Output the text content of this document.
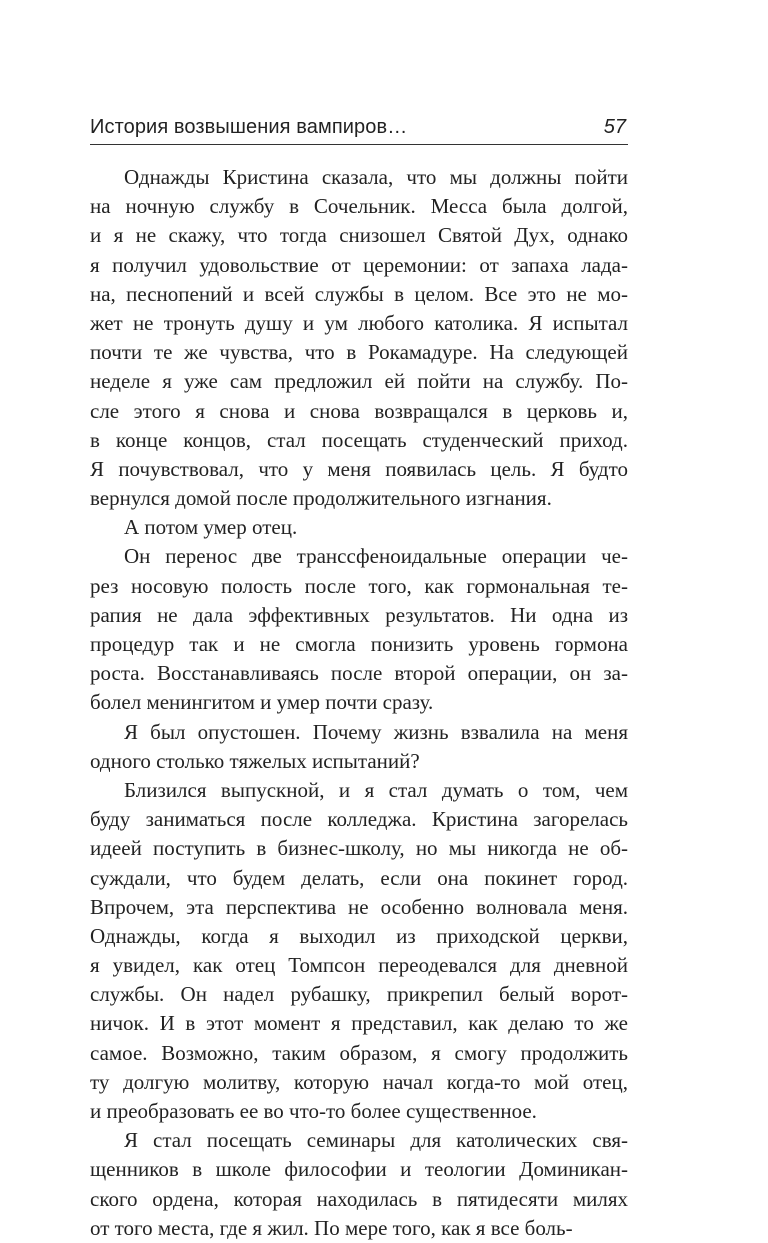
История возвышения вампиров…	57
Однажды Кристина сказала, что мы должны пойти
на ночную службу в Сочельник. Месса была долгой,
и я не скажу, что тогда снизошел Святой Дух, однако
я получил удовольствие от церемонии: от запаха лада-
на, песнопений и всей службы в целом. Все это не мо-
жет не тронуть душу и ум любого католика. Я испытал
почти те же чувства, что в Рокамадуре. На следующей
неделе я уже сам предложил ей пойти на службу. По-
сле этого я снова и снова возвращался в церковь и,
в конце концов, стал посещать студенческий приход.
Я почувствовал, что у меня появилась цель. Я будто
вернулся домой после продолжительного изгнания.
А потом умер отец.
Он перенос две транссфеноидальные операции че-
рез носовую полость после того, как гормональная те-
рапия не дала эффективных результатов. Ни одна из
процедур так и не смогла понизить уровень гормона
роста. Восстанавливаясь после второй операции, он за-
болел менингитом и умер почти сразу.
Я был опустошен. Почему жизнь взвалила на меня
одного столько тяжелых испытаний?
Близился выпускной, и я стал думать о том, чем
буду заниматься после колледжа. Кристина загорелась
идеей поступить в бизнес-школу, но мы никогда не об-
суждали, что будем делать, если она покинет город.
Впрочем, эта перспектива не особенно волновала меня.
Однажды, когда я выходил из приходской церкви,
я увидел, как отец Томпсон переодевался для дневной
службы. Он надел рубашку, прикрепил белый ворот-
ничок. И в этот момент я представил, как делаю то же
самое. Возможно, таким образом, я смогу продолжить
ту долгую молитву, которую начал когда-то мой отец,
и преобразовать ее во что-то более существенное.
Я стал посещать семинары для католических свя-
щенников в школе философии и теологии Доминикан-
ского ордена, которая находилась в пятидесяти милях
от того места, где я жил. По мере того, как я все боль-
